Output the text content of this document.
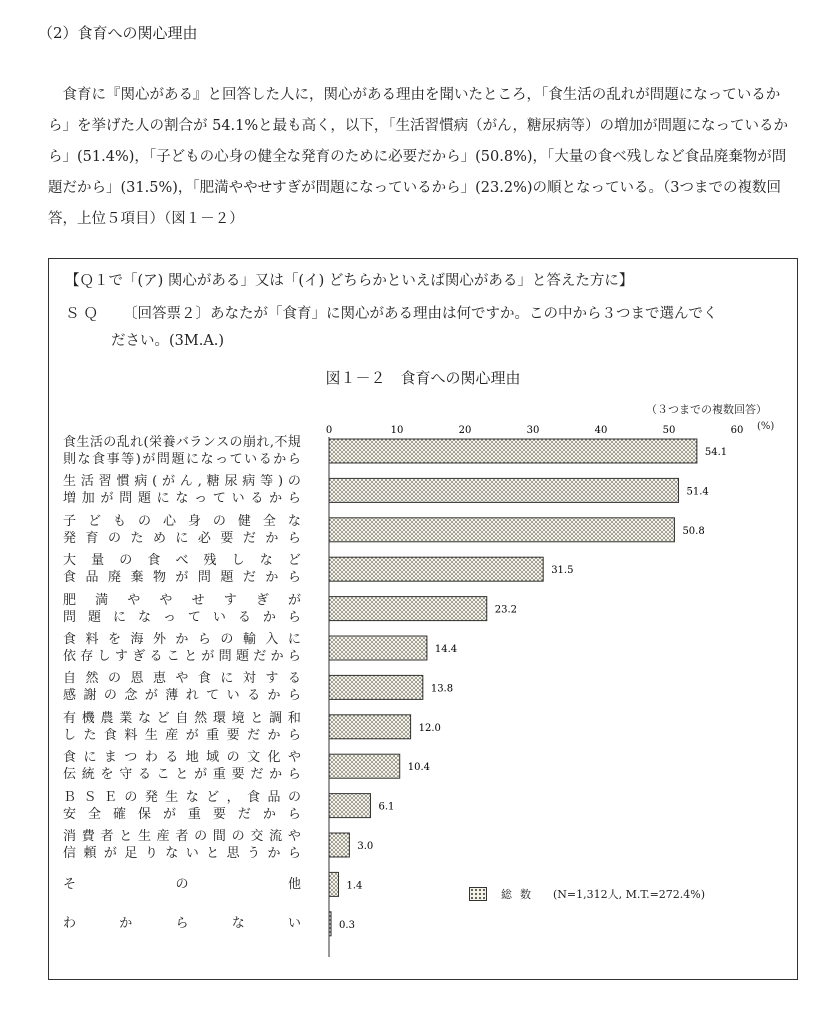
（2）食育への関心理由
食育に『関心がある』と回答した人に，関心がある理由を聞いたところ，「食生活の乱れが問題になっているから」を挙げた人の割合が 54.1%と最も高く，以下，「生活習慣病（がん，糖尿病等）の増加が問題になっているから」(51.4%)，「子どもの心身の健全な発育のために必要だから」(50.8%)，「大量の食べ残しなど食品廃棄物が問題だから」(31.5%)，「肥満ややせすぎが問題になっているから」(23.2%)の順となっている。（3つまでの複数回答，上位５項目）（図１－２）
【Ｑ１で「(ア) 関心がある」又は「(イ) どちらかといえば関心がある」と答えた方に】
ＳＱ 〔回答票２〕あなたが「食育」に関心がある理由は何ですか。この中から３つまで選んでく
ださい。(3M.A.)
図１－２　食育への関心理由
（３つまでの複数回答）
(%)
0	10	20	30	40	50	60
54.1
51.4
50.8
31.5
23.2
14.4
13.8
12.0
10.4
6.1
3.0
1.4
0.3
食 生 活 の 乱 れ ( 栄 養 バ ラ ン ス の 崩 れ , 不 規
則 な 食 事 等 ) が 問 題 に な っ て い る か ら
生 活 習 慣 病 ( が ん , 糖 尿 病 等 ) の
増 加 が 問 題 に な っ て い る か ら
子 ど も の 心 身 の 健 全 な
発 育 の た め に 必 要 だ か ら
大 量 の 食 べ 残 し な ど
食 品 廃 棄 物 が 問 題 だ か ら
肥 満 や や せ す ぎ が
問 題 に な っ て い る か ら
食 料 を 海 外 か ら の 輸 入 に
依 存 し す ぎ る こ と が 問 題 だ か ら
自 然 の 恩 恵 や 食 に 対 す る
感 謝 の 念 が 薄 れ て い る か ら
有 機 農 業 な ど 自 然 環 境 と 調 和
し た 食 料 生 産 が 重 要 だ か ら
食 に ま つ わ る 地 域 の 文 化 や
伝 統 を 守 る こ と が 重 要 だ か ら
Ｂ Ｓ Ｅ の 発 生 な ど ， 食 品 の
安 全 確 保 が 重 要 だ か ら
消 費 者 と 生 産 者 の 間 の 交 流 や
信 頼 が 足 り な い と 思 う か ら
そ	の	他
わ	か	ら	な	い
総数 (N=1,312人, M.T.=272.4%)
